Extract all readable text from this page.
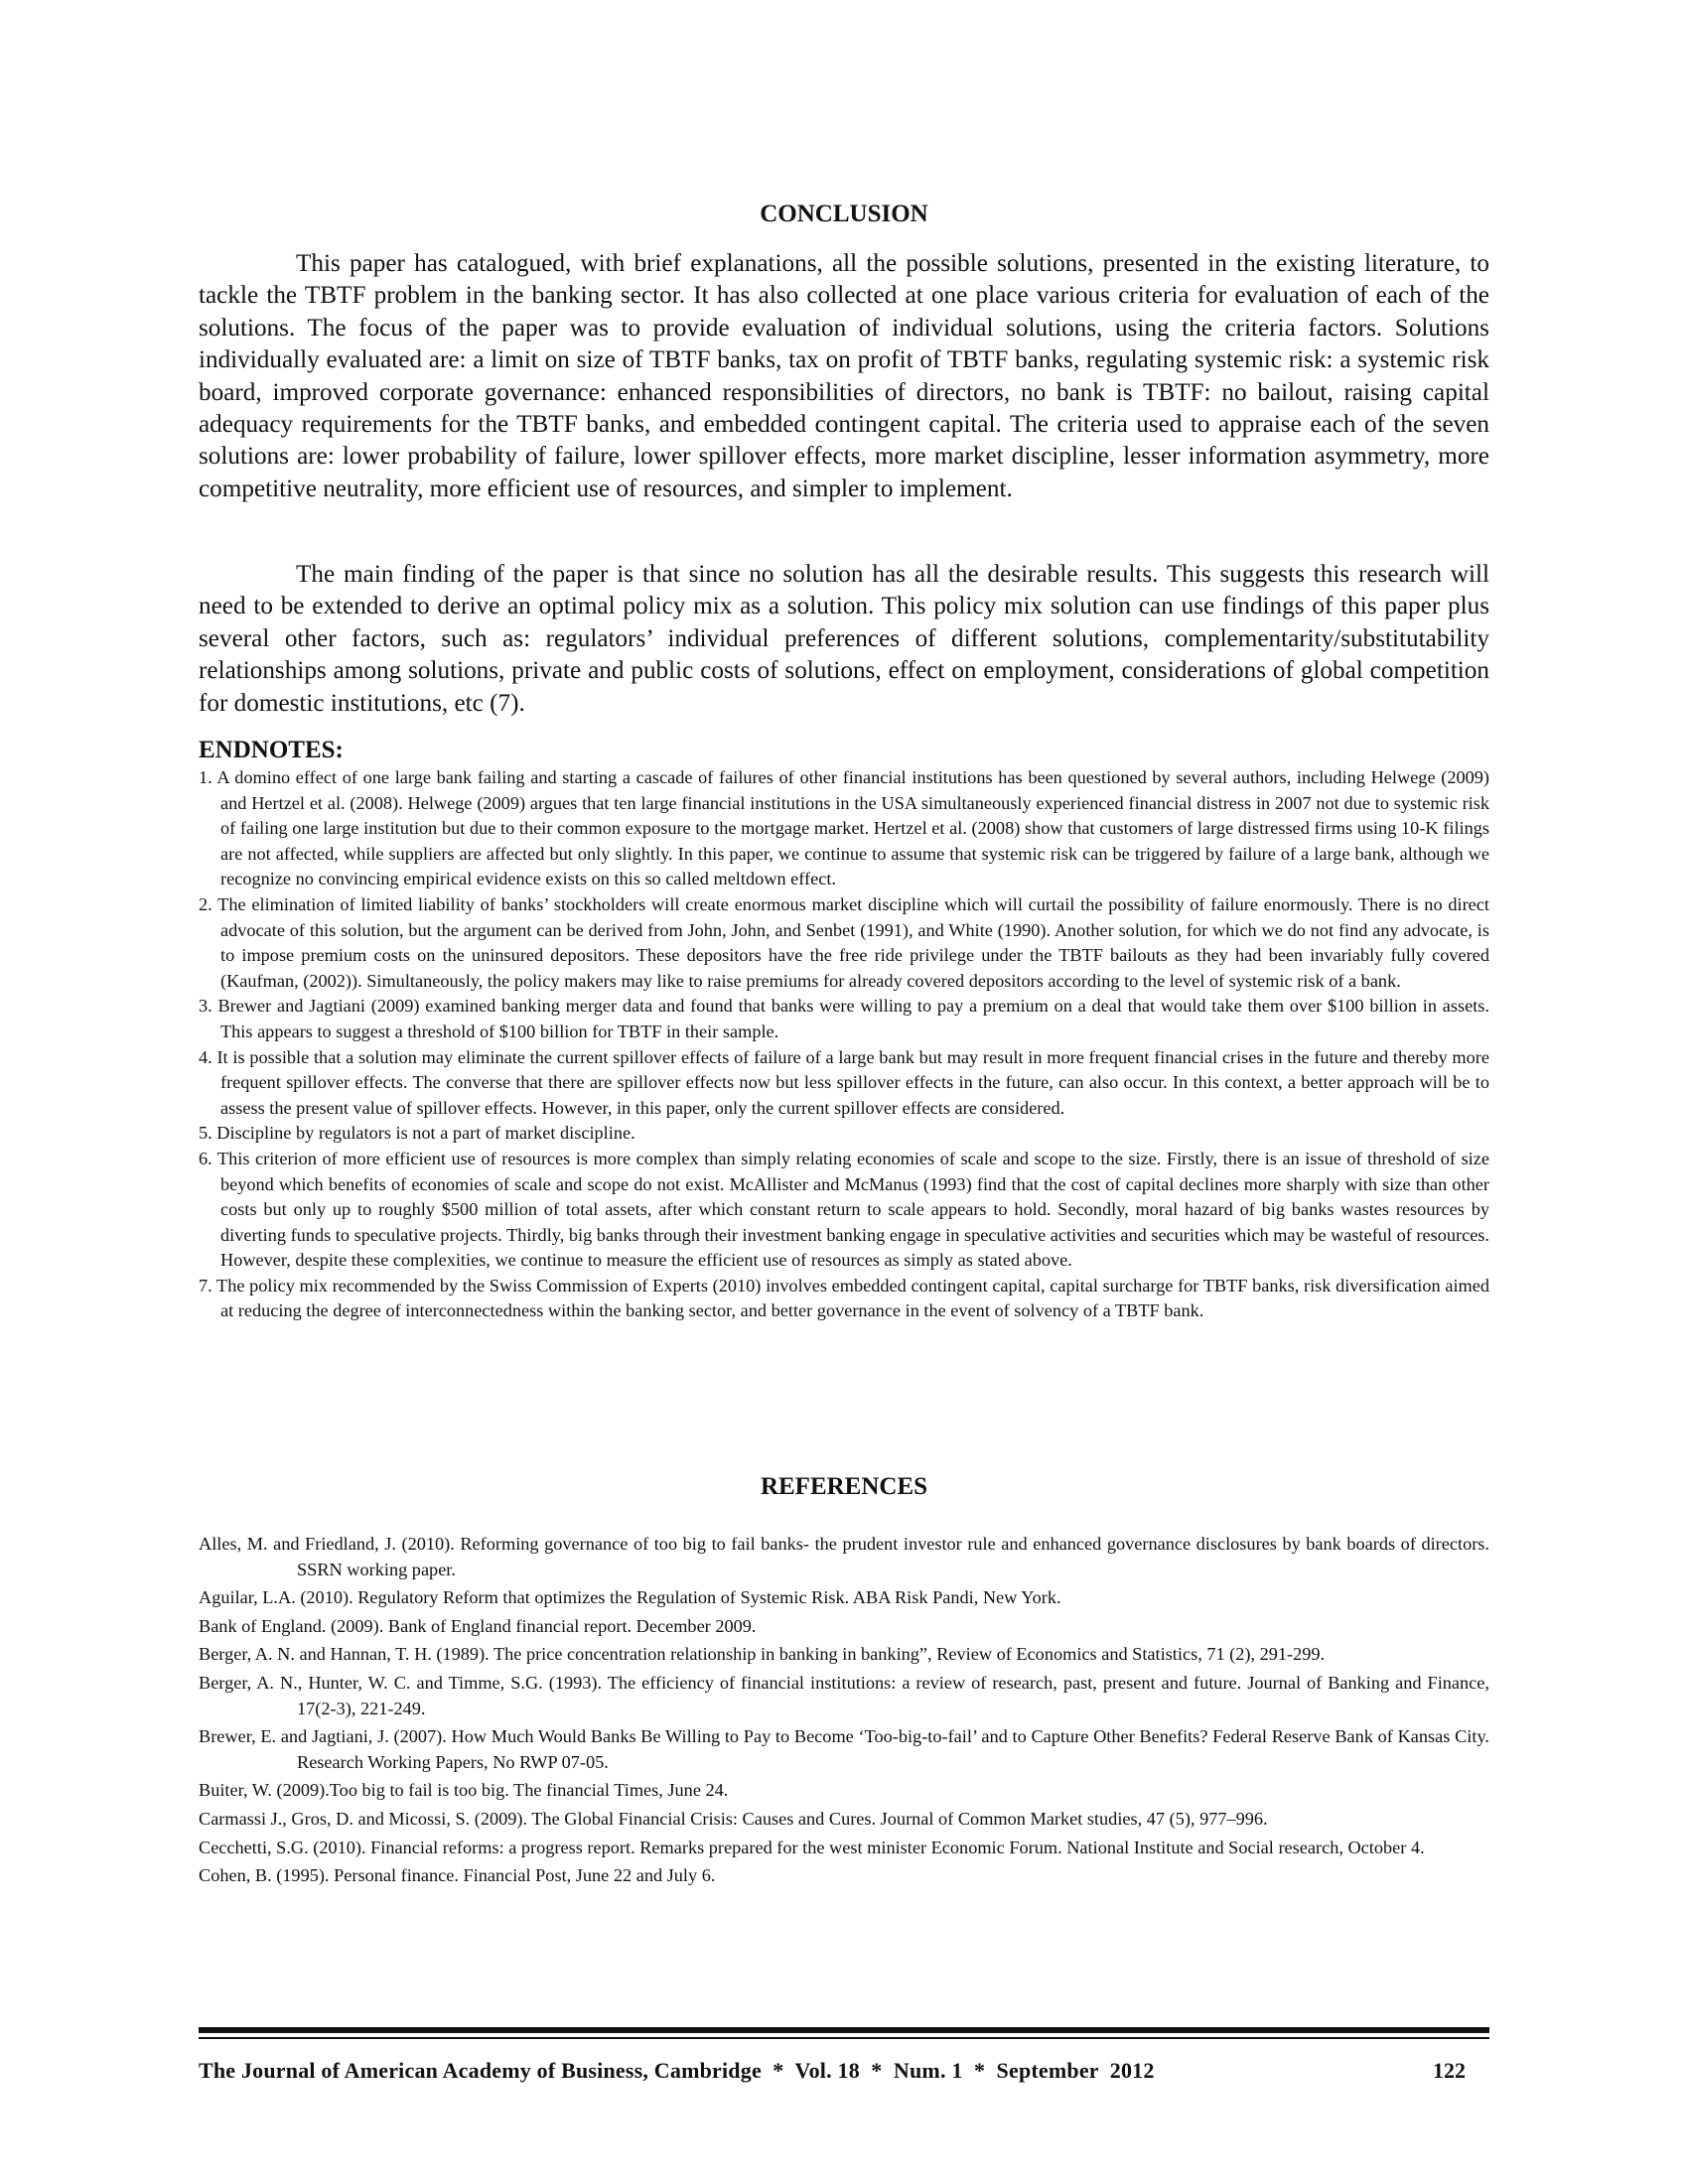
CONCLUSION

This paper has catalogued, with brief explanations, all the possible solutions, presented in the existing literature, to tackle the TBTF problem in the banking sector. It has also collected at one place various criteria for evaluation of each of the solutions. The focus of the paper was to provide evaluation of individual solutions, using the criteria factors. Solutions individually evaluated are: a limit on size of TBTF banks, tax on profit of TBTF banks, regulating systemic risk: a systemic risk board, improved corporate governance: enhanced responsibilities of directors, no bank is TBTF: no bailout, raising capital adequacy requirements for the TBTF banks, and embedded contingent capital. The criteria used to appraise each of the seven solutions are: lower probability of failure, lower spillover effects, more market discipline, lesser information asymmetry, more competitive neutrality, more efficient use of resources, and simpler to implement.

The main finding of the paper is that since no solution has all the desirable results. This suggests this research will need to be extended to derive an optimal policy mix as a solution. This policy mix solution can use findings of this paper plus several other factors, such as: regulators’ individual preferences of different solutions, complementarity/substitutability relationships among solutions, private and public costs of solutions, effect on employment, considerations of global competition for domestic institutions, etc (7).

ENDNOTES:
1. A domino effect of one large bank failing and starting a cascade of failures of other financial institutions has been questioned by several authors, including Helwege (2009) and Hertzel et al. (2008). Helwege (2009) argues that ten large financial institutions in the USA simultaneously experienced financial distress in 2007 not due to systemic risk of failing one large institution but due to their common exposure to the mortgage market. Hertzel et al. (2008) show that customers of large distressed firms using 10-K filings are not affected, while suppliers are affected but only slightly. In this paper, we continue to assume that systemic risk can be triggered by failure of a large bank, although we recognize no convincing empirical evidence exists on this so called meltdown effect.
2. The elimination of limited liability of banks’ stockholders will create enormous market discipline which will curtail the possibility of failure enormously. There is no direct advocate of this solution, but the argument can be derived from John, John, and Senbet (1991), and White (1990). Another solution, for which we do not find any advocate, is to impose premium costs on the uninsured depositors. These depositors have the free ride privilege under the TBTF bailouts as they had been invariably fully covered (Kaufman, (2002)). Simultaneously, the policy makers may like to raise premiums for already covered depositors according to the level of systemic risk of a bank.
3. Brewer and Jagtiani (2009) examined banking merger data and found that banks were willing to pay a premium on a deal that would take them over $100 billion in assets. This appears to suggest a threshold of $100 billion for TBTF in their sample.
4. It is possible that a solution may eliminate the current spillover effects of failure of a large bank but may result in more frequent financial crises in the future and thereby more frequent spillover effects. The converse that there are spillover effects now but less spillover effects in the future, can also occur. In this context, a better approach will be to assess the present value of spillover effects. However, in this paper, only the current spillover effects are considered.
5. Discipline by regulators is not a part of market discipline.
6. This criterion of more efficient use of resources is more complex than simply relating economies of scale and scope to the size. Firstly, there is an issue of threshold of size beyond which benefits of economies of scale and scope do not exist. McAllister and McManus (1993) find that the cost of capital declines more sharply with size than other costs but only up to roughly $500 million of total assets, after which constant return to scale appears to hold. Secondly, moral hazard of big banks wastes resources by diverting funds to speculative projects. Thirdly, big banks through their investment banking engage in speculative activities and securities which may be wasteful of resources. However, despite these complexities, we continue to measure the efficient use of resources as simply as stated above.
7. The policy mix recommended by the Swiss Commission of Experts (2010) involves embedded contingent capital, capital surcharge for TBTF banks, risk diversification aimed at reducing the degree of interconnectedness within the banking sector, and better governance in the event of solvency of a TBTF bank.
REFERENCES
Alles, M. and Friedland, J. (2010). Reforming governance of too big to fail banks- the prudent investor rule and enhanced governance disclosures by bank boards of directors. SSRN working paper.
Aguilar, L.A. (2010). Regulatory Reform that optimizes the Regulation of Systemic Risk. ABA Risk Pandi, New York.
Bank of England. (2009). Bank of England financial report. December 2009.
Berger, A. N. and Hannan, T. H. (1989). The price concentration relationship in banking in banking”, Review of Economics and Statistics, 71 (2), 291-299.
Berger, A. N., Hunter, W. C. and Timme, S.G. (1993). The efficiency of financial institutions: a review of research, past, present and future. Journal of Banking and Finance, 17(2-3), 221-249.
Brewer, E. and Jagtiani, J. (2007). How Much Would Banks Be Willing to Pay to Become ‘Too-big-to-fail’ and to Capture Other Benefits? Federal Reserve Bank of Kansas City. Research Working Papers, No RWP 07-05.
Buiter, W. (2009).Too big to fail is too big. The financial Times, June 24.
Carmassi J., Gros, D. and Micossi, S. (2009). The Global Financial Crisis: Causes and Cures. Journal of Common Market studies, 47 (5), 977–996.
Cecchetti, S.G. (2010). Financial reforms: a progress report. Remarks prepared for the west minister Economic Forum. National Institute and Social research, October 4.
Cohen, B. (1995). Personal finance. Financial Post, June 22 and July 6.

The Journal of American Academy of Business, Cambridge  *  Vol. 18  *  Num. 1  *  September  2012	122
